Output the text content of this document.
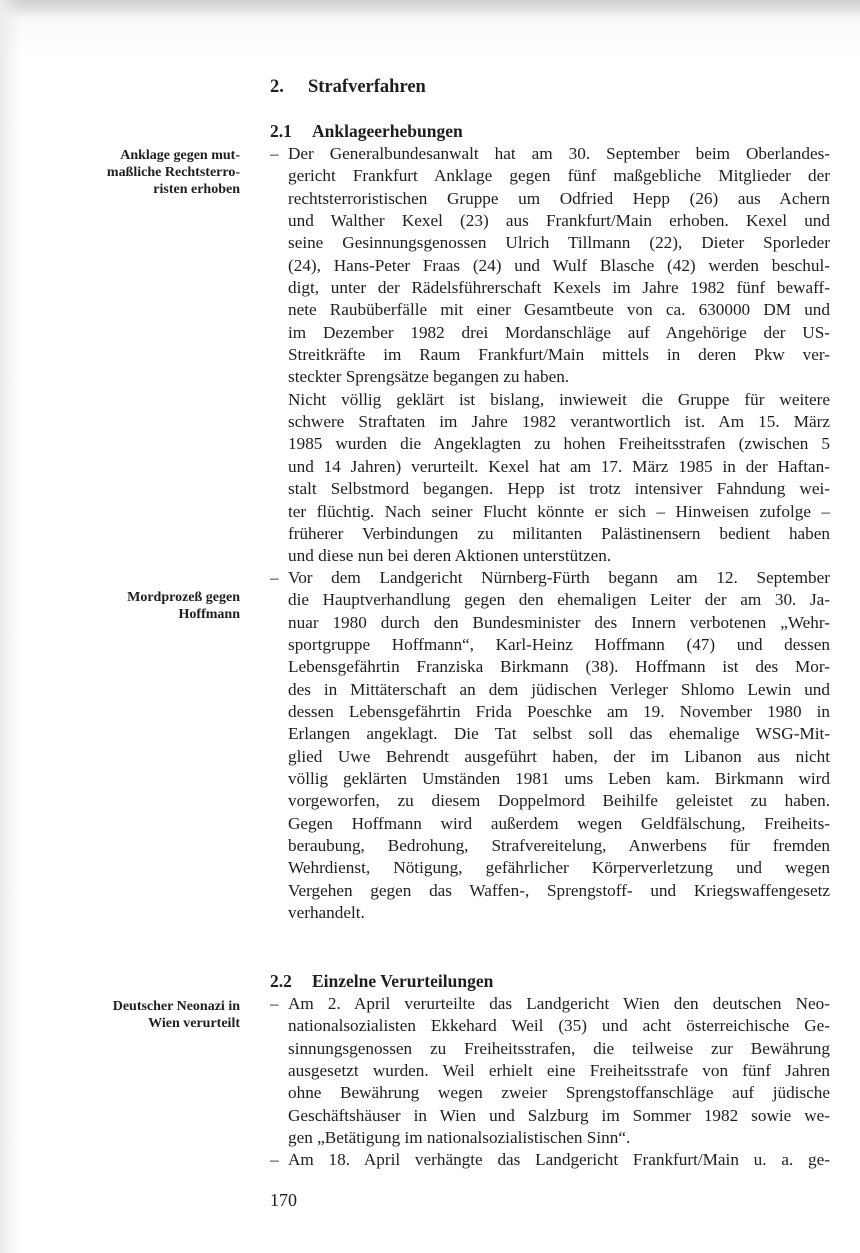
2. Strafverfahren
2.1 Anklageerhebungen
Anklage gegen mut-
maßliche Rechtsterro-
risten erhoben
– Der Generalbundesanwalt hat am 30. September beim Oberlandes-
gericht Frankfurt Anklage gegen fünf maßgebliche Mitglieder der
rechtsterroristischen Gruppe um Odfried Hepp (26) aus Achern
und Walther Kexel (23) aus Frankfurt/Main erhoben. Kexel und
seine Gesinnungsgenossen Ulrich Tillmann (22), Dieter Sporleder
(24), Hans-Peter Fraas (24) und Wulf Blasche (42) werden beschul-
digt, unter der Rädelsführerschaft Kexels im Jahre 1982 fünf bewaff-
nete Raubüberfälle mit einer Gesamtbeute von ca. 630000 DM und
im Dezember 1982 drei Mordanschläge auf Angehörige der US-
Streitkräfte im Raum Frankfurt/Main mittels in deren Pkw ver-
steckter Sprengsätze begangen zu haben.
Nicht völlig geklärt ist bislang, inwieweit die Gruppe für weitere
schwere Straftaten im Jahre 1982 verantwortlich ist. Am 15. März
1985 wurden die Angeklagten zu hohen Freiheitsstrafen (zwischen 5
und 14 Jahren) verurteilt. Kexel hat am 17. März 1985 in der Haftan-
stalt Selbstmord begangen. Hepp ist trotz intensiver Fahndung wei-
ter flüchtig. Nach seiner Flucht könnte er sich – Hinweisen zufolge –
früherer Verbindungen zu militanten Palästinensern bedient haben
und diese nun bei deren Aktionen unterstützen.
Mordprozeß gegen
Hoffmann
– Vor dem Landgericht Nürnberg-Fürth begann am 12. September
die Hauptverhandlung gegen den ehemaligen Leiter der am 30. Ja-
nuar 1980 durch den Bundesminister des Innern verbotenen „Wehr-
sportgruppe Hoffmann“, Karl-Heinz Hoffmann (47) und dessen
Lebensgefährtin Franziska Birkmann (38). Hoffmann ist des Mor-
des in Mittäterschaft an dem jüdischen Verleger Shlomo Lewin und
dessen Lebensgefährtin Frida Poeschke am 19. November 1980 in
Erlangen angeklagt. Die Tat selbst soll das ehemalige WSG-Mit-
glied Uwe Behrendt ausgeführt haben, der im Libanon aus nicht
völlig geklärten Umständen 1981 ums Leben kam. Birkmann wird
vorgeworfen, zu diesem Doppelmord Beihilfe geleistet zu haben.
Gegen Hoffmann wird außerdem wegen Geldfälschung, Freiheits-
beraubung, Bedrohung, Strafvereitelung, Anwerbens für fremden
Wehrdienst, Nötigung, gefährlicher Körperverletzung und wegen
Vergehen gegen das Waffen-, Sprengstoff- und Kriegswaffengesetz
verhandelt.
2.2 Einzelne Verurteilungen
Deutscher Neonazi in
Wien verurteilt
– Am 2. April verurteilte das Landgericht Wien den deutschen Neo-
nationalsozialisten Ekkehard Weil (35) und acht österreichische Ge-
sinnungsgenossen zu Freiheitsstrafen, die teilweise zur Bewährung
ausgesetzt wurden. Weil erhielt eine Freiheitsstrafe von fünf Jahren
ohne Bewährung wegen zweier Sprengstoffanschläge auf jüdische
Geschäftshäuser in Wien und Salzburg im Sommer 1982 sowie we-
gen „Betätigung im nationalsozialistischen Sinn“.
– Am 18. April verhängte das Landgericht Frankfurt/Main u. a. ge-
170
